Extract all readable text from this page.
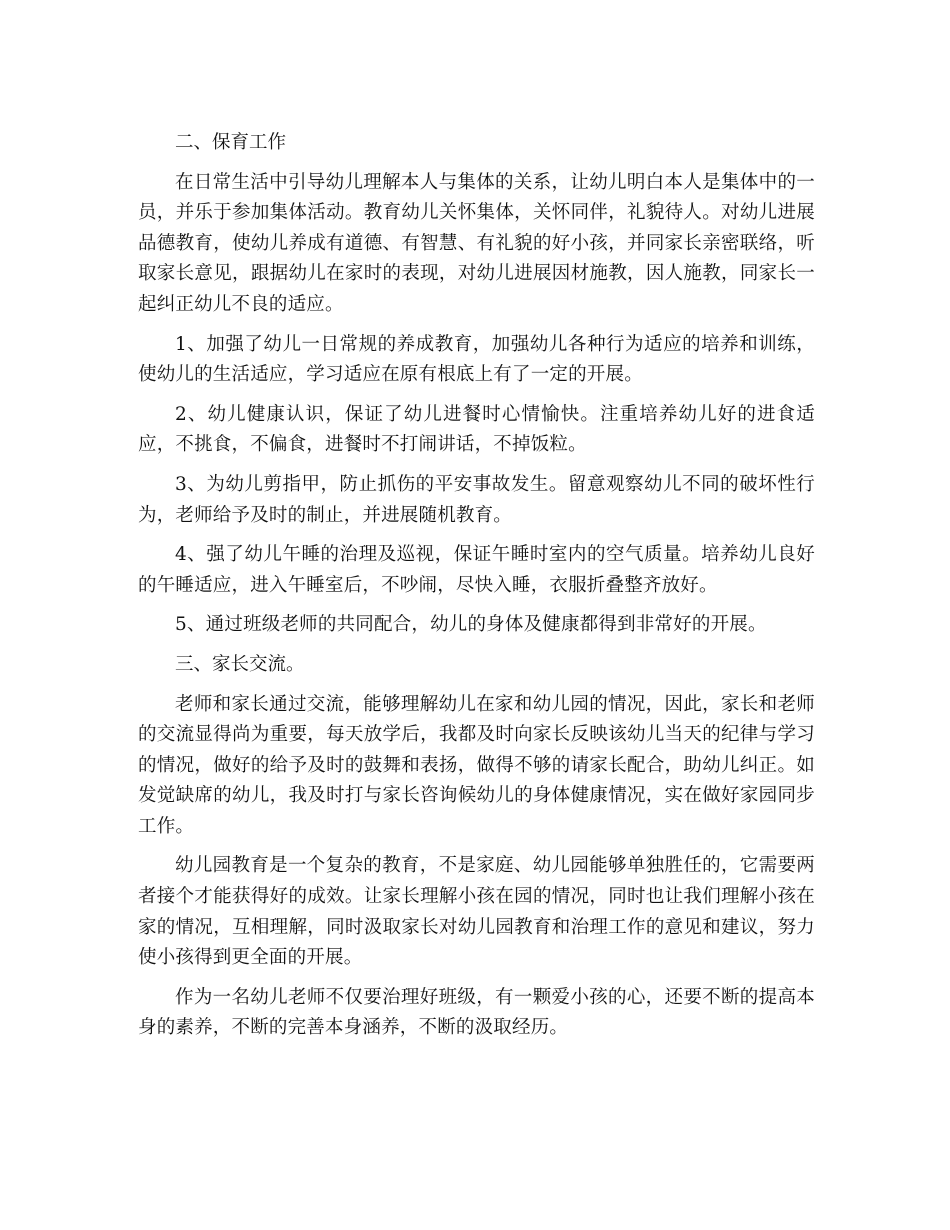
二、保育工作

在日常生活中引导幼儿理解本人与集体的关系，让幼儿明白本人是集体中的一员，并乐于参加集体活动。教育幼儿关怀集体，关怀同伴，礼貌待人。对幼儿进展品德教育，使幼儿养成有道德、有智慧、有礼貌的好小孩，并同家长亲密联络，听取家长意见，跟据幼儿在家时的表现，对幼儿进展因材施教，因人施教，同家长一起纠正幼儿不良的适应。

1、加强了幼儿一日常规的养成教育，加强幼儿各种行为适应的培养和训练，使幼儿的生活适应，学习适应在原有根底上有了一定的开展。

2、幼儿健康认识，保证了幼儿进餐时心情愉快。注重培养幼儿好的进食适应，不挑食，不偏食，进餐时不打闹讲话，不掉饭粒。

3、为幼儿剪指甲，防止抓伤的平安事故发生。留意观察幼儿不同的破坏性行为，老师给予及时的制止，并进展随机教育。

4、强了幼儿午睡的治理及巡视，保证午睡时室内的空气质量。培养幼儿良好的午睡适应，进入午睡室后，不吵闹，尽快入睡，衣服折叠整齐放好。

5、通过班级老师的共同配合，幼儿的身体及健康都得到非常好的开展。

三、家长交流。

老师和家长通过交流，能够理解幼儿在家和幼儿园的情况，因此，家长和老师的交流显得尚为重要，每天放学后，我都及时向家长反映该幼儿当天的纪律与学习的情况，做好的给予及时的鼓舞和表扬，做得不够的请家长配合，助幼儿纠正。如发觉缺席的幼儿，我及时打与家长咨询候幼儿的身体健康情况，实在做好家园同步工作。

幼儿园教育是一个复杂的教育，不是家庭、幼儿园能够单独胜任的，它需要两者接个才能获得好的成效。让家长理解小孩在园的情况，同时也让我们理解小孩在家的情况，互相理解，同时汲取家长对幼儿园教育和治理工作的意见和建议，努力使小孩得到更全面的开展。

作为一名幼儿老师不仅要治理好班级，有一颗爱小孩的心，还要不断的提高本身的素养，不断的完善本身涵养，不断的汲取经历。
